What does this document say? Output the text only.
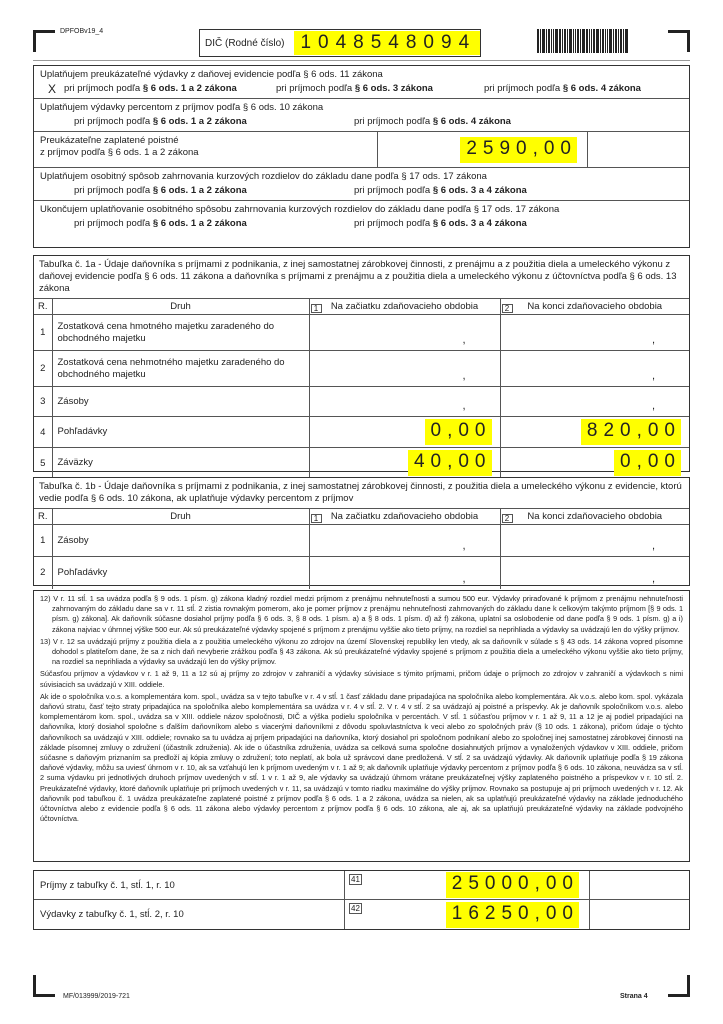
DPFOBv19_4
DIČ (Rodné číslo) 1048548094
Uplatňujem preukázateľné výdavky z daňovej evidencie podľa § 6 ods. 11 zákona
X pri príjmoch podľa § 6 ods. 1 a 2 zákona	pri príjmoch podľa § 6 ods. 3 zákona	pri príjmoch podľa § 6 ods. 4 zákona
Uplatňujem výdavky percentom z príjmov podľa § 6 ods. 10 zákona
pri príjmoch podľa § 6 ods. 1 a 2 zákona	pri príjmoch podľa § 6 ods. 4 zákona
Preukázateľne zaplatené poistné
z príjmov podľa § 6 ods. 1 a 2 zákona	2590,00
Uplatňujem osobitný spôsob zahrnovania kurzových rozdielov do základu dane podľa § 17 ods. 17 zákona
pri príjmoch podľa § 6 ods. 1 a 2 zákona	pri príjmoch podľa § 6 ods. 3 a 4 zákona
Ukončujem uplatňovanie osobitného spôsobu zahrnovania kurzových rozdielov do základu dane podľa § 17 ods. 17 zákona
pri príjmoch podľa § 6 ods. 1 a 2 zákona	pri príjmoch podľa § 6 ods. 3 a 4 zákona
Tabuľka č. 1a - Údaje daňovníka s príjmami z podnikania, z inej samostatnej zárobkovej činnosti, z prenájmu a z použitia diela a umeleckého výkonu z daňovej evidencie podľa § 6 ods. 11 zákona a daňovníka s príjmami z prenájmu a z použitia diela a umeleckého výkonu z účtovníctva podľa § 6 ods. 13 zákona			
R.	Druh	1 Na začiatku zdaňovacieho obdobia	2 Na konci zdaňovacieho obdobia
1	Zostatková cena hmotného majetku zaradeného do obchodného majetku	,	,

2	Zostatková cena nehmotného majetku zaradeného do obchodného majetku	,	,

3	Zásoby	,	,

4	Pohľadávky	0,00	820,00
5	Záväzky	40,00	0,00
Tabuľka č. 1b - Údaje daňovníka s príjmami z podnikania, z inej samostatnej zárobkovej činnosti, z použitia diela a umeleckého výkonu z evidencie, ktorú vedie podľa § 6 ods. 10 zákona, ak uplatňuje výdavky percentom z príjmov			
R.	Druh	1 Na začiatku zdaňovacieho obdobia	2 Na konci zdaňovacieho obdobia
1	Zásoby	,	,

2	Pohľadávky	,	,

12) V r. 11 stĺ. 1 sa uvádza podľa § 9 ods. 1 písm. g) zákona kladný rozdiel medzi príjmom z prenájmu nehnuteľnosti a sumou 500 eur. Výdavky priraďované k príjmom z prenájmu nehnuteľnosti zahrnovaným do základu dane sa v r. 11 stĺ. 2 zistia rovnakým pomerom, ako je pomer príjmov z prenájmu nehnuteľnosti zahrnovaných do základu dane k celkovým takýmto príjmom [§ 9 ods. 1 písm. g) zákona]. Ak daňovník súčasne dosiahol príjmy podľa § 6 ods. 3, § 8 ods. 1 písm. a) a § 8 ods. 1 písm. d) až f) zákona, uplatní sa oslobodenie od dane podľa § 9 ods. 1 písm. g) a i) zákona najviac v úhrnnej výške 500 eur. Ak sú preukázateľné výdavky spojené s príjmom z prenájmu vyššie ako tieto príjmy, na rozdiel sa neprihliada a výdavky sa uvádzajú len do výšky príjmov.

13) V r. 12 sa uvádzajú príjmy z použitia diela a z použitia umeleckého výkonu zo zdrojov na území Slovenskej republiky len vtedy, ak sa daňovník v súlade s § 43 ods. 14 zákona vopred písomne dohodol s platiteľom dane, že sa z nich daň nevyberie zrážkou podľa § 43 zákona. Ak sú preukázateľné výdavky spojené s príjmom z použitia diela a umeleckého výkonu vyššie ako tieto príjmy, na rozdiel sa neprihliada a výdavky sa uvádzajú len do výšky príjmov.

Súčasťou príjmov a výdavkov v r. 1 až 9, 11 a 12 sú aj príjmy zo zdrojov v zahraničí a výdavky súvisiace s týmito príjmami, pričom údaje o príjmoch zo zdrojov v zahraničí a výdavkoch s nimi súvisiacich sa uvádzajú v XIII. oddiele.

Ak ide o spoločníka v.o.s. a komplementára kom. spol., uvádza sa v tejto tabuľke v r. 4 v stĺ. 1 časť základu dane pripadajúca na spoločníka alebo komplementára. Ak v.o.s. alebo kom. spol. vykázala daňovú stratu, časť tejto straty pripadajúca na spoločníka alebo komplementára sa uvádza v r. 4 v stĺ. 2. V r. 4 v stĺ. 2 sa uvádzajú aj poistné a príspevky. Ak je daňovník spoločníkom v.o.s. alebo komplementárom kom. spol., uvádza sa v XIII. oddiele názov spoločnosti, DIČ a výška podielu spoločníka v percentách. V stĺ. 1 súčasťou príjmov v r. 1 až 9, 11 a 12 je aj podiel pripadajúci na daňovníka, ktorý dosiahol spoločne s ďalším daňovníkom alebo s viacerými daňovníkmi z dôvodu spoluvlastníctva k veci alebo zo spoločných práv (§ 10 ods. 1 zákona), pričom údaje o týchto daňovníkoch sa uvádzajú v XIII. oddiele; rovnako sa tu uvádza aj príjem pripadajúci na daňovníka, ktorý dosiahol pri spoločnom podnikaní alebo zo spoločnej inej samostatnej zárobkovej činnosti na základe písomnej zmluvy o združení (účastník združenia). Ak ide o účastníka združenia, uvádza sa celková suma spoločne dosiahnutých príjmov a vynaložených výdavkov v XIII. oddiele, pričom súčasne s daňovým priznaním sa predloží aj kópia zmluvy o združení; toto neplatí, ak bola už správcovi dane predložená. V stĺ. 2 sa uvádzajú výdavky. Ak daňovník uplatňuje podľa § 19 zákona daňové výdavky, môžu sa uviesť úhrnom v r. 10, ak sa vzťahujú len k príjmom uvedeným v r. 1 až 9; ak daňovník uplatňuje výdavky percentom z príjmov podľa § 6 ods. 10 zákona, neuvádza sa v stĺ. 2 suma výdavku pri jednotlivých druhoch príjmov uvedených v stĺ. 1 v r. 1 až 9, ale výdavky sa uvádzajú úhrnom vrátane preukázateľnej výšky zaplateného poistného a príspevkov v r. 10 stĺ. 2. Preukázateľné výdavky, ktoré daňovník uplatňuje pri príjmoch uvedených v r. 11, sa uvádzajú v tomto riadku maximálne do výšky príjmov. Rovnako sa postupuje aj pri príjmoch uvedených v r. 12. Ak daňovník pod tabuľkou č. 1 uvádza preukázateľne zaplatené poistné z príjmov podľa § 6 ods. 1 a 2 zákona, uvádza sa nielen, ak sa uplatňujú preukázateľné výdavky na základe jednoduchého účtovníctva alebo z evidencie podľa § 6 ods. 11 zákona alebo výdavky percentom z príjmov podľa § 6 ods. 10 zákona, ale aj, ak sa uplatňujú preukázateľné výdavky na základe podvojného účtovníctva.

Príjmy z tabuľky č. 1, stĺ. 1, r. 10
41	25000,00
Výdavky z tabuľky č. 1, stĺ. 2, r. 10
42	16250,00
MF/013999/2019-721	Strana 4
